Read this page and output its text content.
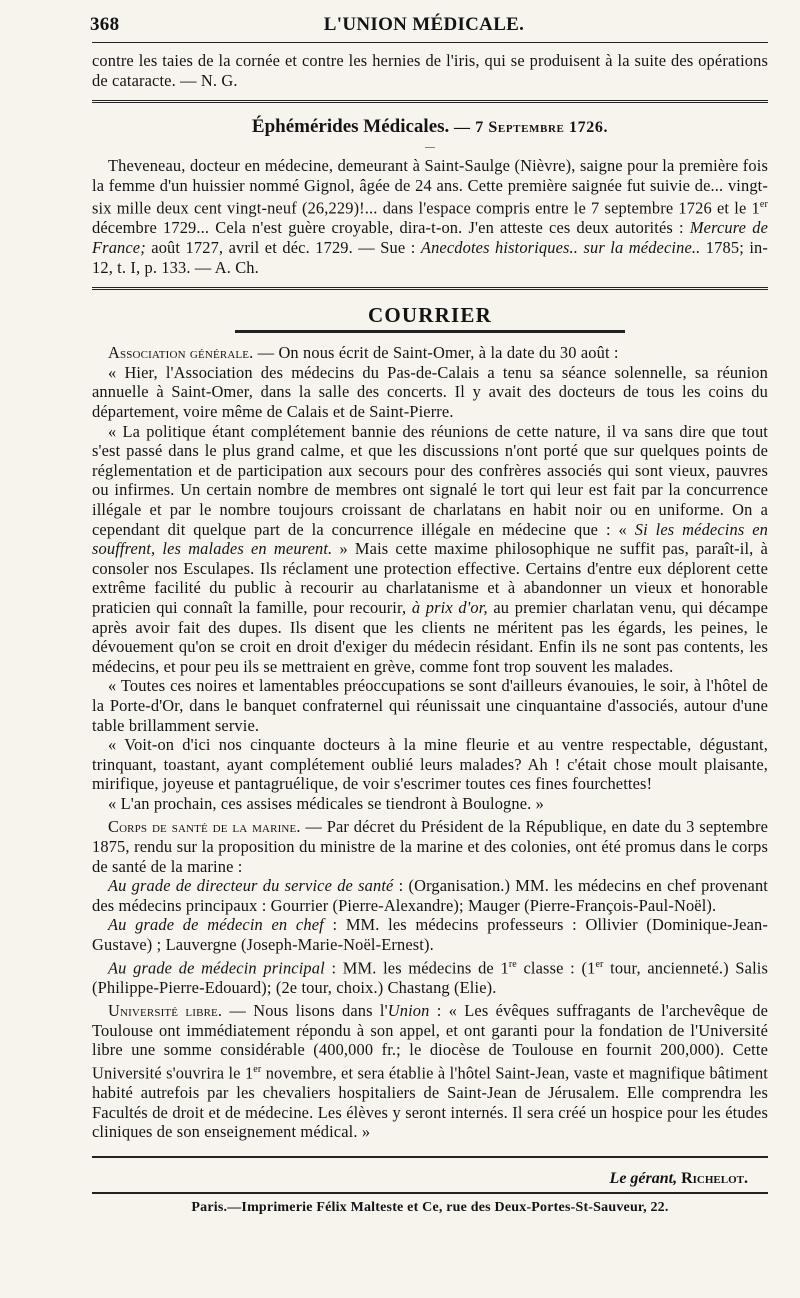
368	L'UNION MÉDICALE.

contre les taies de la cornée et contre les hernies de l'iris, qui se produisent à la suite des opérations de cataracte. — N. G.

Éphémérides Médicales. — 7 Septembre 1726.
—

Theveneau, docteur en médecine, demeurant à Saint-Saulge (Nièvre), saigne pour la première fois la femme d'un huissier nommé Gignol, âgée de 24 ans. Cette première saignée fut suivie de... vingt-six mille deux cent vingt-neuf (26,229)!... dans l'espace compris entre le 7 septembre 1726 et le 1er décembre 1729... Cela n'est guère croyable, dira-t-on. J'en atteste ces deux autorités : Mercure de France; août 1727, avril et déc. 1729. — Sue : Anecdotes historiques.. sur la médecine.. 1785; in-12, t. I, p. 133. — A. Ch.

COURRIER

Association générale. — On nous écrit de Saint-Omer, à la date du 30 août :

« Hier, l'Association des médecins du Pas-de-Calais a tenu sa séance solennelle, sa réunion annuelle à Saint-Omer, dans la salle des concerts. Il y avait des docteurs de tous les coins du département, voire même de Calais et de Saint-Pierre.

« La politique étant complétement bannie des réunions de cette nature, il va sans dire que tout s'est passé dans le plus grand calme, et que les discussions n'ont porté que sur quelques points de réglementation et de participation aux secours pour des confrères associés qui sont vieux, pauvres ou infirmes. Un certain nombre de membres ont signalé le tort qui leur est fait par la concurrence illégale et par le nombre toujours croissant de charlatans en habit noir ou en uniforme. On a cependant dit quelque part de la concurrence illégale en médecine que : « Si les médecins en souffrent, les malades en meurent. » Mais cette maxime philosophique ne suffit pas, paraît-il, à consoler nos Esculapes. Ils réclament une protection effective. Certains d'entre eux déplorent cette extrême facilité du public à recourir au charlatanisme et à abandonner un vieux et honorable praticien qui connaît la famille, pour recourir, à prix d'or, au premier charlatan venu, qui décampe après avoir fait des dupes. Ils disent que les clients ne méritent pas les égards, les peines, le dévouement qu'on se croit en droit d'exiger du médecin résidant. Enfin ils ne sont pas contents, les médecins, et pour peu ils se mettraient en grève, comme font trop souvent les malades.

« Toutes ces noires et lamentables préoccupations se sont d'ailleurs évanouies, le soir, à l'hôtel de la Porte-d'Or, dans le banquet confraternel qui réunissait une cinquantaine d'associés, autour d'une table brillamment servie.

« Voit-on d'ici nos cinquante docteurs à la mine fleurie et au ventre respectable, dégustant, trinquant, toastant, ayant complétement oublié leurs malades? Ah ! c'était chose moult plaisante, mirifique, joyeuse et pantagruélique, de voir s'escrimer toutes ces fines fourchettes!

« L'an prochain, ces assises médicales se tiendront à Boulogne. »

Corps de santé de la marine. — Par décret du Président de la République, en date du 3 septembre 1875, rendu sur la proposition du ministre de la marine et des colonies, ont été promus dans le corps de santé de la marine :

Au grade de directeur du service de santé : (Organisation.) MM. les médecins en chef provenant des médecins principaux : Gourrier (Pierre-Alexandre); Mauger (Pierre-François-Paul-Noël).

Au grade de médecin en chef : MM. les médecins professeurs : Ollivier (Dominique-Jean-Gustave) ; Lauvergne (Joseph-Marie-Noël-Ernest).

Au grade de médecin principal : MM. les médecins de 1re classe : (1er tour, ancienneté.) Salis (Philippe-Pierre-Edouard); (2e tour, choix.) Chastang (Elie).

Université libre. — Nous lisons dans l'Union : « Les évêques suffragants de l'archevêque de Toulouse ont immédiatement répondu à son appel, et ont garanti pour la fondation de l'Université libre une somme considérable (400,000 fr.; le diocèse de Toulouse en fournit 200,000). Cette Université s'ouvrira le 1er novembre, et sera établie à l'hôtel Saint-Jean, vaste et magnifique bâtiment habité autrefois par les chevaliers hospitaliers de Saint-Jean de Jérusalem. Elle comprendra les Facultés de droit et de médecine. Les élèves y seront internés. Il sera créé un hospice pour les études cliniques de son enseignement médical. »

Le gérant, Richelot.
Paris.—Imprimerie Félix Malteste et Ce, rue des Deux-Portes-St-Sauveur, 22.
